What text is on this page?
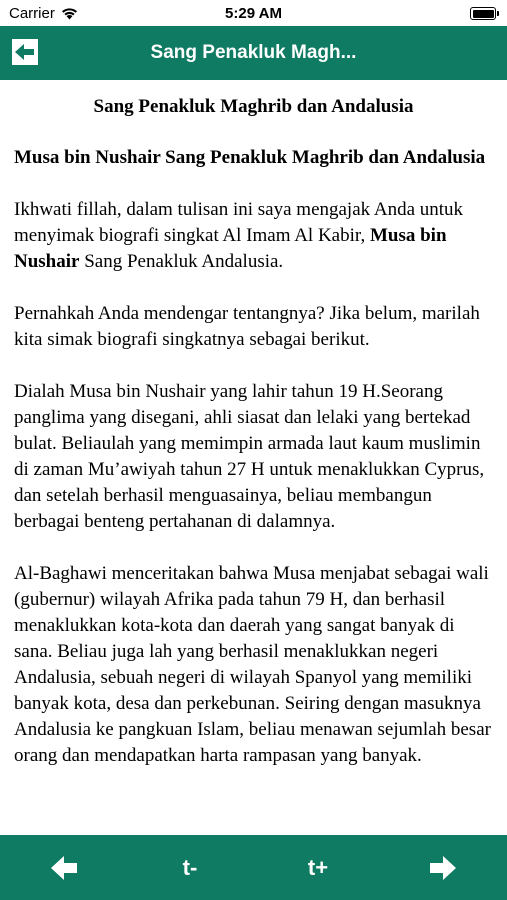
Carrier	5:29 AM
Sang Penakluk Magh...
Sang Penakluk Maghrib dan Andalusia
Musa bin Nushair Sang Penakluk Maghrib dan Andalusia

Ikhwati fillah, dalam tulisan ini saya mengajak Anda untuk menyimak biografi singkat Al Imam Al Kabir, Musa bin Nushair Sang Penakluk Andalusia.

Pernahkah Anda mendengar tentangnya? Jika belum, marilah kita simak biografi singkatnya sebagai berikut.

Dialah Musa bin Nushair yang lahir tahun 19 H.Seorang panglima yang disegani, ahli siasat dan lelaki yang bertekad bulat. Beliaulah yang memimpin armada laut kaum muslimin di zaman Mu’awiyah tahun 27 H untuk menaklukkan Cyprus, dan setelah berhasil menguasainya, beliau membangun berbagai benteng pertahanan di dalamnya.

Al-Baghawi menceritakan bahwa Musa menjabat sebagai wali (gubernur) wilayah Afrika pada tahun 79 H, dan berhasil menaklukkan kota-kota dan daerah yang sangat banyak di sana. Beliau juga lah yang berhasil menaklukkan negeri Andalusia, sebuah negeri di wilayah Spanyol yang memiliki banyak kota, desa dan perkebunan. Seiring dengan masuknya Andalusia ke pangkuan Islam, beliau menawan sejumlah besar orang dan mendapatkan harta rampasan yang banyak.

t-	t+
